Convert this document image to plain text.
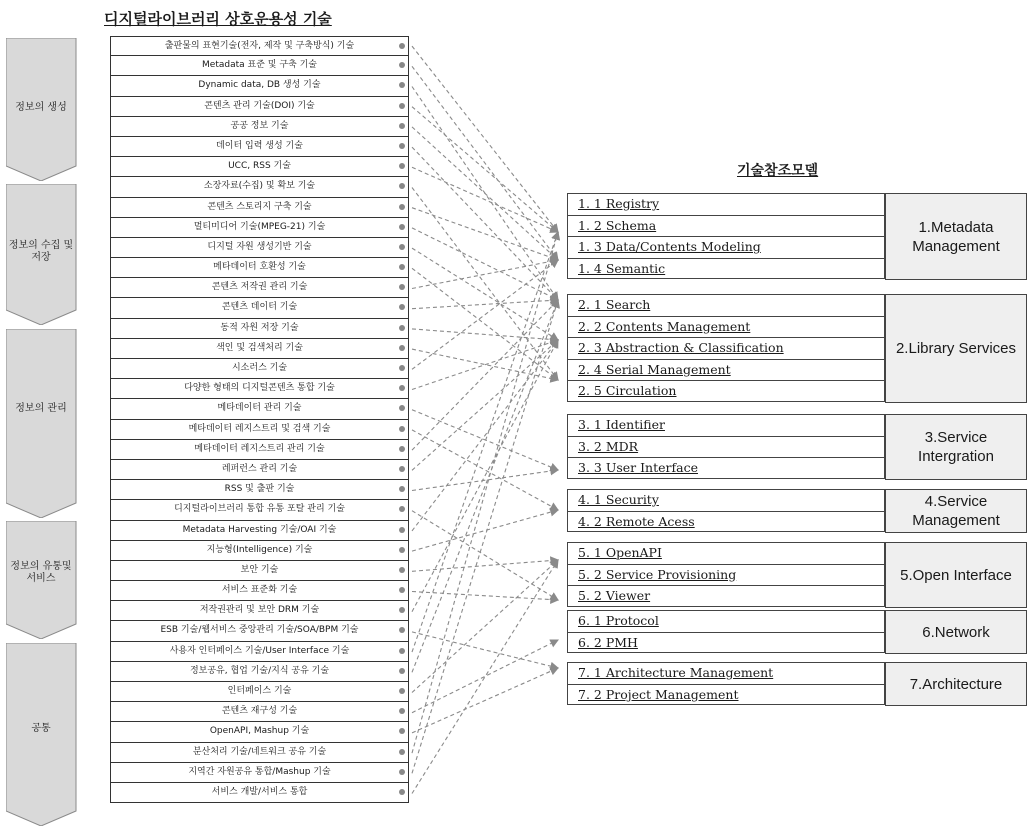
디지털라이브러리 상호운용성 기술
기술참조모델
정보의 생성
정보의 수집 및 저장
정보의 관리
정보의 유통및 서비스
공통
출판물의 표현기술(전자, 제작 및 구축방식) 기술
Metadata 표준 및 구축 기술
Dynamic data, DB 생성 기술
콘텐츠 관리 기술(DOI) 기술
공공 정보 기술
데이터 입력 생성 기술
UCC, RSS 기술
소장자료(수집) 및 확보 기술
콘텐츠 스토리지 구축 기술
멀티미디어 기술(MPEG-21) 기술
디지털 자원 생성기반 기술
메타데이터 호환성 기술
콘텐츠 저작권 관리 기술
콘텐츠 데이터 기술
동적 자원 저장 기술
색인 및 검색처리 기술
시소러스 기술
다양한 형태의 디지털콘텐츠 통합 기술
메타데이터 관리 기술
메타데이터 레지스트리 및 검색 기술
메타데이터 레지스트리 관리 기술
레퍼런스 관리 기술
RSS 및 출판 기술
디지털라이브러리 통합 유통 포탈 관리 기술
Metadata Harvesting 기술/OAI 기술
지능형(Intelligence) 기술
보안 기술
서비스 표준화 기술
저작권관리 및 보안 DRM 기술
ESB 기술/웹서비스 중앙관리 기술/SOA/BPM 기술
사용자 인터페이스 기술/User Interface 기술
정보공유, 협업 기술/지식 공유 기술
인터페이스 기술
콘텐츠 재구성 기술
OpenAPI, Mashup 기술
분산처리 기술/네트워크 공유 기술
지역간 자원공유 통합/Mashup 기술
서비스 개발/서비스 통합
1. 1 Registry
1. 2 Schema
1. 3 Data/Contents Modeling
1. 4 Semantic
1.Metadata Management
2. 1 Search
2. 2 Contents Management
2. 3 Abstraction & Classification
2. 4 Serial Management
2. 5 Circulation
2.Library Services
3. 1 Identifier
3. 2 MDR
3. 3 User Interface
3.Service Intergration
4. 1 Security
4. 2 Remote Acess
4.Service Management
5. 1 OpenAPI
5. 2 Service Provisioning
5. 2 Viewer
5.Open Interface
6. 1 Protocol
6. 2 PMH
6.Network
7. 1 Architecture Management
7. 2 Project Management
7.Architecture
